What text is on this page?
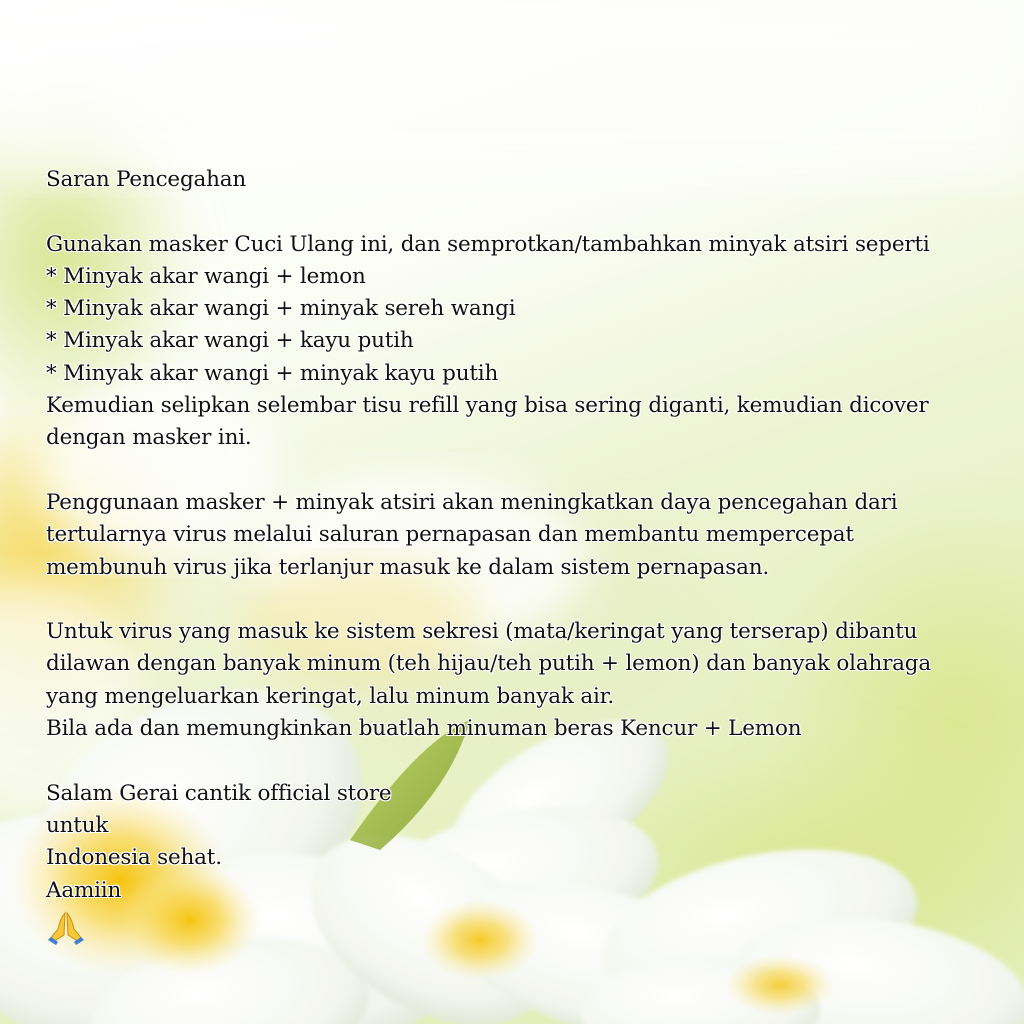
Saran Pencegahan
Gunakan masker Cuci Ulang ini, dan semprotkan/tambahkan minyak atsiri seperti
* Minyak akar wangi + lemon
* Minyak akar wangi + minyak sereh wangi
* Minyak akar wangi + kayu putih
* Minyak akar wangi + minyak kayu putih
Kemudian selipkan selembar tisu refill yang bisa sering diganti, kemudian dicover
dengan masker ini.
Penggunaan masker + minyak atsiri akan meningkatkan daya pencegahan dari
tertularnya virus melalui saluran pernapasan dan membantu mempercepat
membunuh virus jika terlanjur masuk ke dalam sistem pernapasan.
Untuk virus yang masuk ke sistem sekresi (mata/keringat yang terserap) dibantu
dilawan dengan banyak minum (teh hijau/teh putih + lemon) dan banyak olahraga
yang mengeluarkan keringat, lalu minum banyak air.
Bila ada dan memungkinkan buatlah minuman beras Kencur + Lemon
Salam Gerai cantik official store
untuk
Indonesia sehat.
Aamiin
